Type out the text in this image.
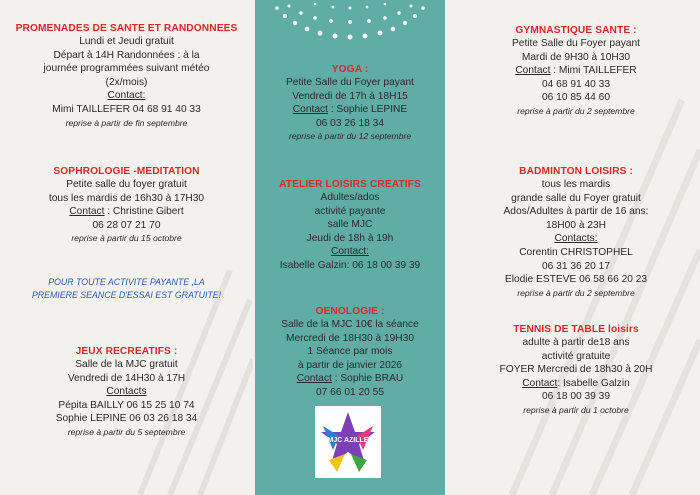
PROMENADES DE SANTE ET RANDONNEES
Lundi et Jeudi gratuit
Départ à 14H Randonnées : à la
journée programmées suivant météo
(2x/mois)
Contact:
Mimi TAILLEFER 04 68 91 40 33
reprise à partir de fin septembre
SOPHROLOGIE -MEDITATION
Petite salle du foyer gratuit
tous les mardis de 16h30 à 17H30
Contact : Christine Gibert
06 28 07 21 70
reprise à partir du 15 octobre
POUR TOUTE ACTIVITE PAYANTE ,LA
PREMIERE SEANCE D'ESSAI EST GRATUITE!
JEUX RECREATIFS :
Salle de la MJC gratuit
Vendredi de 14H30 à 17H
Contacts
Pépita BAILLY 06 15 25 10 74
Sophie LEPINE 06 03 26 18 34
reprise à partir du 5 septembre
YOGA :
Petite Salle du Foyer payant
Vendredi de 17h à 18H15
Contact : Sophie LEPINE
06 03 26 18 34
reprise à partir du 12 septembre
ATELIER LOISIRS CREATIFS
Adultes/ados
activité payante
salle MJC
Jeudi de 18h à 19h
Contact:
Isabelle Galzin: 06 18 00 39 39
OENOLOGIE :
Salle de la MJC 10€ la séance
Mercredi de 18H30 à 19H30
1 Séance par mois
à partir de janvier 2026
Contact : Sophie BRAU
07 66 01 20 55
MJC AZILLE
GYMNASTIQUE SANTE :
Petite Salle du Foyer payant
Mardi de 9H30 à 10H30
Contact : Mimi TAILLEFER
04 68 91 40 33
06 10 85 44 60
reprise à partir du 2 septembre
BADMINTON LOISIRS :
tous les mardis
grande salle du Foyer gratuit
Ados/Adultes à partir de 16 ans:
18H00 à 23H
Contacts:
Corentin CHRISTOPHEL
06 31 36 20 17
Elodie ESTEVE 06 58 66 20 23
reprise à partir du 2 septembre
TENNIS DE TABLE loisirs
adulte à partir de18 ans
activité gratuite
FOYER Mercredi de 18h30 à 20H
Contact: Isabelle Galzin
06 18 00 39 39
reprise à partir du 1 octobre
